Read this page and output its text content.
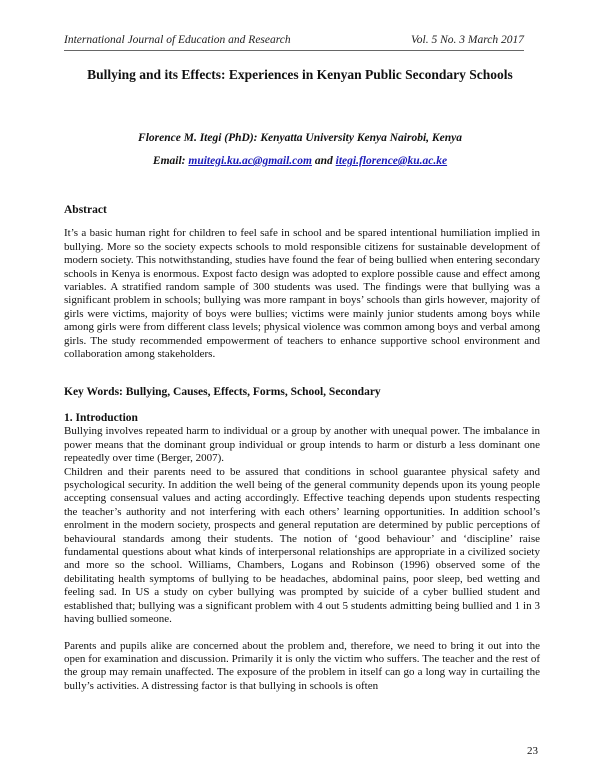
International Journal of Education and Research	Vol. 5 No. 3 March 2017
Bullying and its Effects: Experiences in Kenyan Public Secondary Schools
Florence M. Itegi (PhD): Kenyatta University Kenya Nairobi, Kenya
Email: muitegi.ku.ac@gmail.com and itegi.florence@ku.ac.ke
Abstract

It’s a basic human right for children to feel safe in school and be spared intentional humiliation implied in bullying. More so the society expects schools to mold responsible citizens for sustainable development of modern society. This notwithstanding, studies have found the fear of being bullied when entering secondary schools in Kenya is enormous. Expost facto design was adopted to explore possible cause and effect among variables. A stratified random sample of 300 students was used. The findings were that bullying was a significant problem in schools; bullying was more rampant in boys’ schools than girls however, majority of girls were victims, majority of boys were bullies; victims were mainly junior students among boys while among girls were from different class levels; physical violence was common among boys and verbal among girls. The study recommended empowerment of teachers to enhance supportive school environment and collaboration among stakeholders.

Key Words: Bullying, Causes, Effects, Forms, School, Secondary
1. Introduction

Bullying involves repeated harm to individual or a group by another with unequal power. The imbalance in power means that the dominant group individual or group intends to harm or disturb a less dominant one repeatedly over time (Berger, 2007).

Children and their parents need to be assured that conditions in school guarantee physical safety and psychological security. In addition the well being of the general community depends upon its young people accepting consensual values and acting accordingly. Effective teaching depends upon students respecting the teacher’s authority and not interfering with each others’ learning opportunities. In addition school’s enrolment in the modern society, prospects and general reputation are determined by public perceptions of behavioural standards among their students. The notion of ‘good behaviour’ and ‘discipline’ raise fundamental questions about what kinds of interpersonal relationships are appropriate in a civilized society and more so the school. Williams, Chambers, Logans and Robinson (1996) observed some of the debilitating health symptoms of bullying to be headaches, abdominal pains, poor sleep, bed wetting and feeling sad. In US a study on cyber bullying was prompted by suicide of a cyber bullied student and established that; bullying was a significant problem with 4 out 5 students admitting being bullied and 1 in 3 having bullied someone.

Parents and pupils alike are concerned about the problem and, therefore, we need to bring it out into the open for examination and discussion. Primarily it is only the victim who suffers. The teacher and the rest of the group may remain unaffected. The exposure of the problem in itself can go a long way in curtailing the bully’s activities. A distressing factor is that bullying in schools is often

23
